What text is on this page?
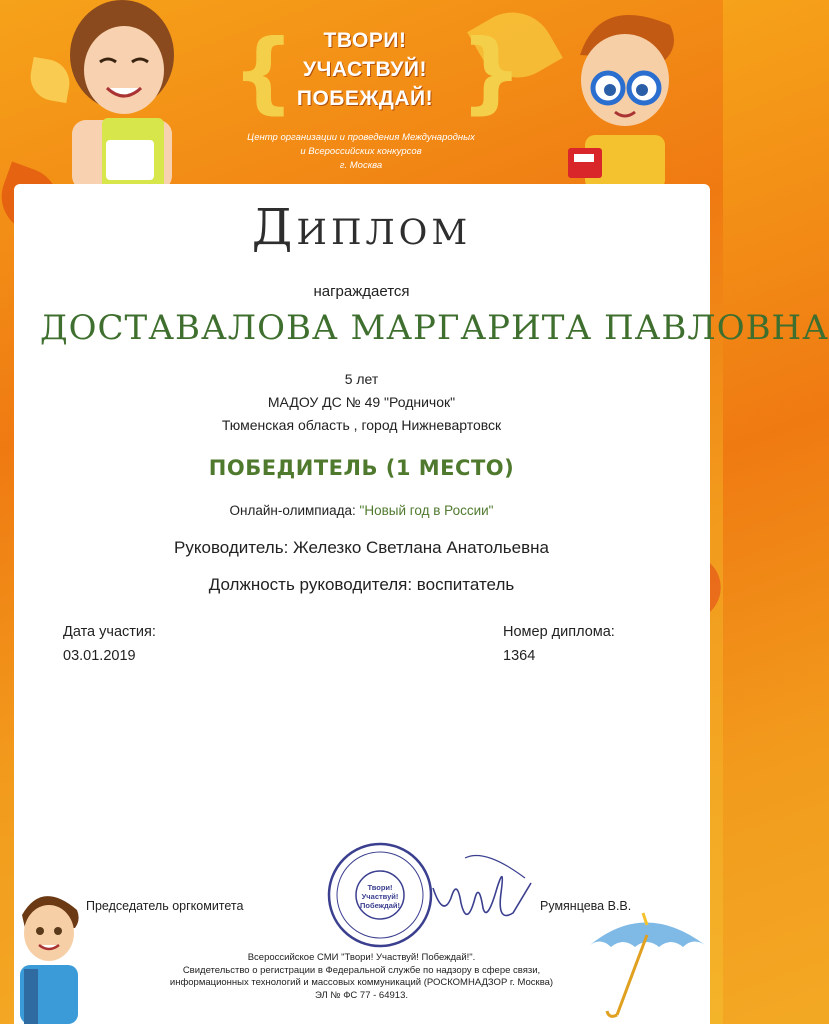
{ }
ТВОРИ!
УЧАСТВУЙ!
ПОБЕЖДАЙ!
Центр организации и проведения Международных
и Всероссийских конкурсов
г. Москва
Диплом
награждается
ДОСТАВАЛОВА МАРГАРИТА ПАВЛОВНА
5 лет
МАДОУ ДС № 49 "Родничок"
Тюменская область , город Нижневартовск
ПОБЕДИТЕЛЬ (1 МЕСТО)
Онлайн-олимпиада: "Новый год в России"
Руководитель: Железко Светлана Анатольевна
Должность руководителя: воспитатель
Дата участия:
03.01.2019
Номер диплома:
1364
Твори!
Участвуй!
Побеждай!
Председатель оргкомитета	Румянцева В.В.
Всероссийское СМИ "Твори! Участвуй! Побеждай!".
Свидетельство о регистрации в Федеральной службе по надзору в сфере связи,
информационных технологий и массовых коммуникаций (РОСКОМНАДЗОР г. Москва)
ЭЛ № ФС 77 - 64913.
